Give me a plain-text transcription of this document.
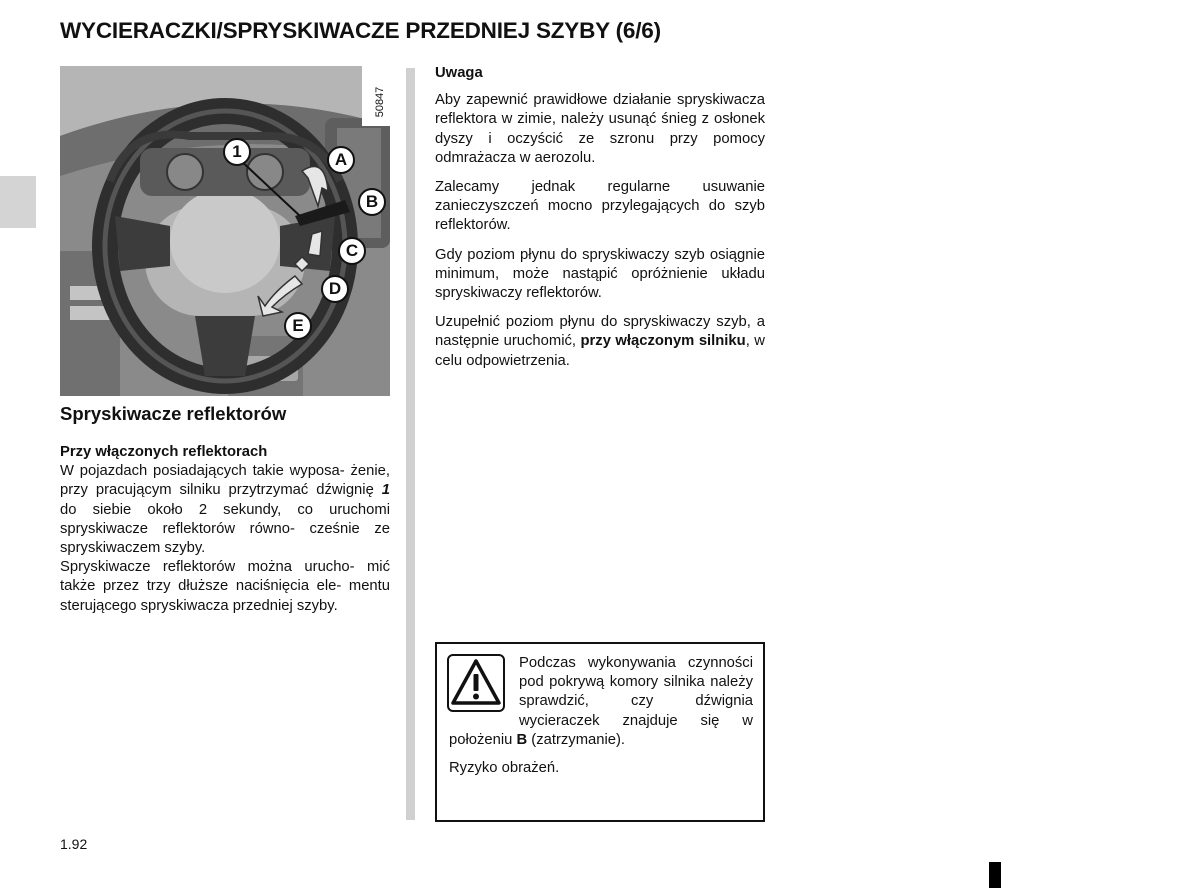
WYCIERACZKI/SPRYSKIWACZE PRZEDNIEJ SZYBY (6/6)
50847
1	A
B
C
D
E
Spryskiwacze reflektorów

Przy włączonych reflektorach

W pojazdach posiadających takie wyposa- żenie, przy pracującym silniku przytrzymać dźwignię 1 do siebie około 2 sekundy, co uruchomi spryskiwacze reflektorów równo- cześnie ze spryskiwaczem szyby.

Spryskiwacze reflektorów można urucho- mić także przez trzy dłuższe naciśnięcia ele- mentu sterującego spryskiwacza przedniej szyby.

Uwaga

Aby zapewnić prawidłowe działanie spryskiwacza reflektora w zimie, należy usunąć śnieg z osłonek dyszy i oczyścić ze szronu przy pomocy odmrażacza w aerozolu.

Zalecamy jednak regularne usuwanie zanieczyszczeń mocno przylegających do szyb reflektorów.

Gdy poziom płynu do spryskiwaczy szyb osiągnie minimum, może nastąpić opróżnienie układu spryskiwaczy reflektorów.

Uzupełnić poziom płynu do spryskiwaczy szyb, a następnie uruchomić, przy włączonym silniku, w celu odpowietrzenia.

Podczas wykonywania czynności pod pokrywą komory silnika należy sprawdzić, czy dźwignia wycieraczek znajduje się w położeniu B (zatrzymanie).

Ryzyko obrażeń.

1.92
